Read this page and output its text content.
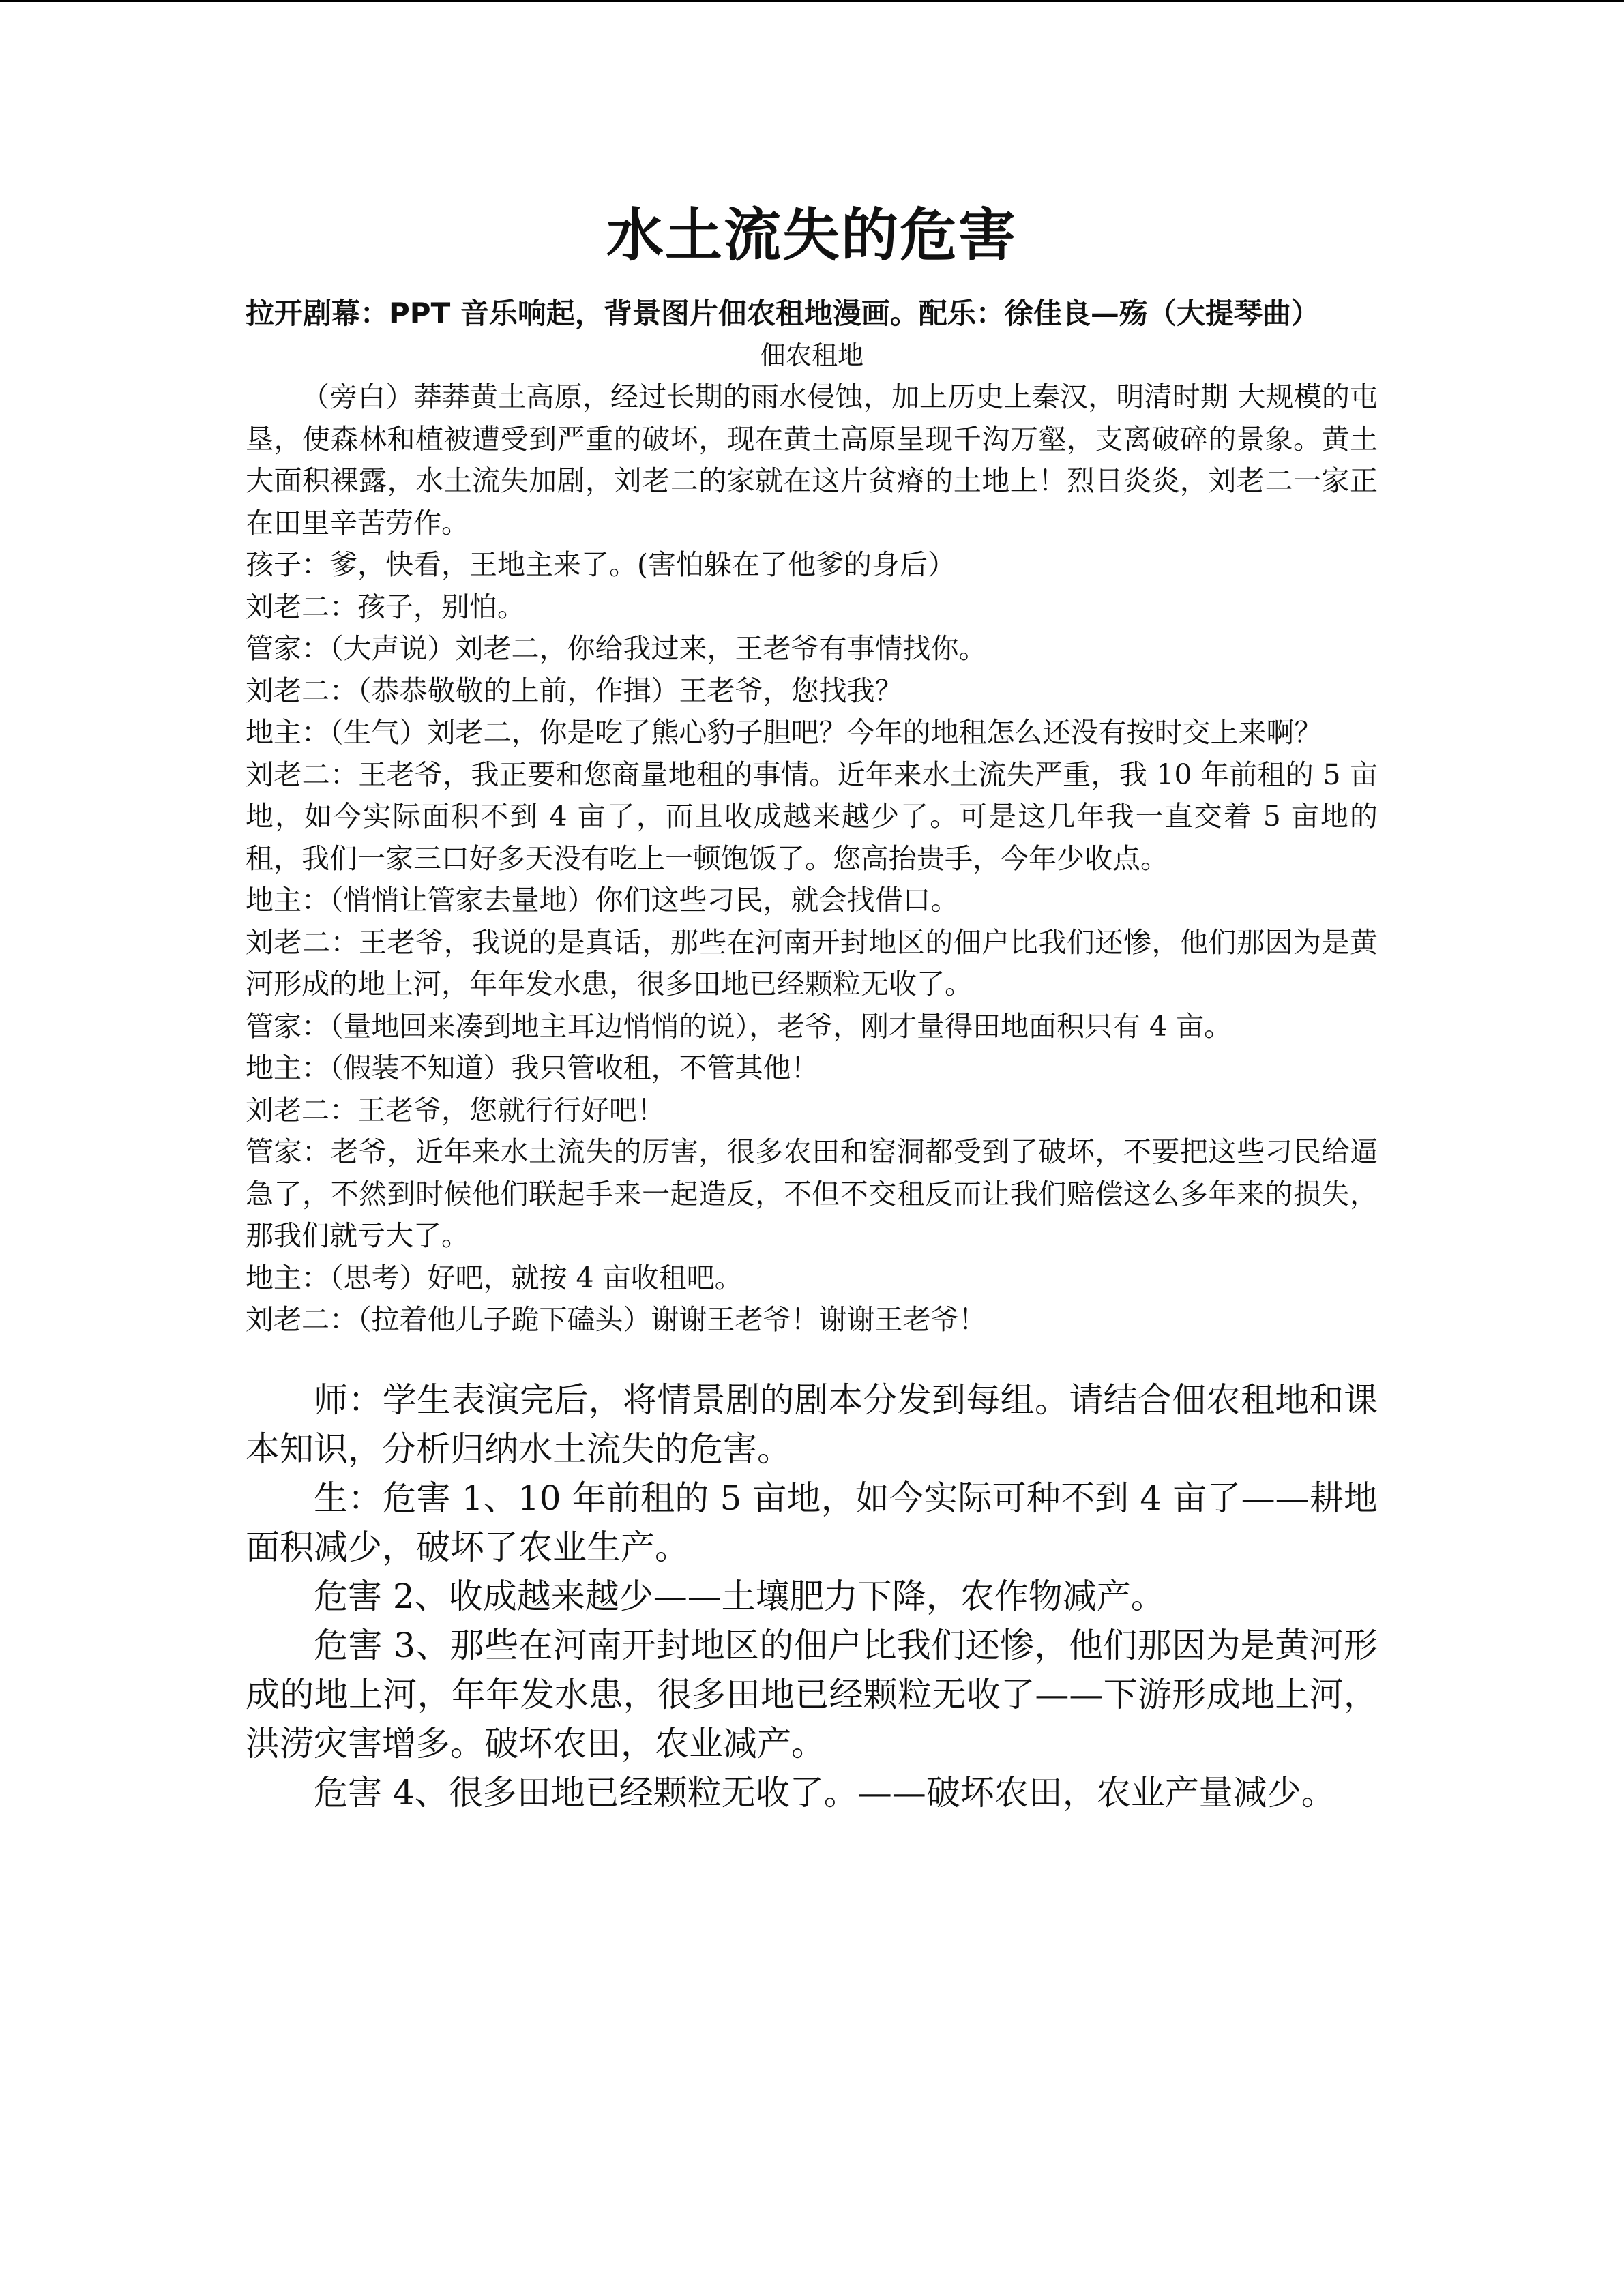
水土流失的危害

拉开剧幕：PPT 音乐响起，背景图片佃农租地漫画。配乐：徐佳良—殇（大提琴曲）

佃农租地

（旁白）莽莽黄土高原，经过长期的雨水侵蚀，加上历史上秦汉，明清时期 大规模的屯垦，使森林和植被遭受到严重的破坏，现在黄土高原呈现千沟万壑，支离破碎的景象。黄土大面积裸露，水土流失加剧，刘老二的家就在这片贫瘠的土地上！烈日炎炎，刘老二一家正在田里辛苦劳作。

孩子：爹，快看，王地主来了。(害怕躲在了他爹的身后）

刘老二：孩子，别怕。

管家：（大声说）刘老二，你给我过来，王老爷有事情找你。

刘老二：（恭恭敬敬的上前，作揖）王老爷，您找我？

地主：（生气）刘老二，你是吃了熊心豹子胆吧？今年的地租怎么还没有按时交上来啊？

刘老二：王老爷，我正要和您商量地租的事情。近年来水土流失严重，我 10 年前租的 5 亩地，如今实际面积不到 4 亩了，而且收成越来越少了。可是这几年我一直交着 5 亩地的租，我们一家三口好多天没有吃上一顿饱饭了。您高抬贵手，今年少收点。

地主：（悄悄让管家去量地）你们这些刁民，就会找借口。

刘老二：王老爷，我说的是真话，那些在河南开封地区的佃户比我们还惨，他们那因为是黄河形成的地上河，年年发水患，很多田地已经颗粒无收了。

管家：（量地回来凑到地主耳边悄悄的说），老爷，刚才量得田地面积只有 4 亩。

地主：（假装不知道）我只管收租，不管其他！

刘老二：王老爷，您就行行好吧！

管家：老爷，近年来水土流失的厉害，很多农田和窑洞都受到了破坏，不要把这些刁民给逼急了，不然到时候他们联起手来一起造反，不但不交租反而让我们赔偿这么多年来的损失，那我们就亏大了。

地主：（思考）好吧，就按 4 亩收租吧。

刘老二：（拉着他儿子跪下磕头）谢谢王老爷！谢谢王老爷！

师：学生表演完后，将情景剧的剧本分发到每组。请结合佃农租地和课本知识，分析归纳水土流失的危害。

生：危害 1、10 年前租的 5 亩地，如今实际可种不到 4 亩了——耕地面积减少，破坏了农业生产。

危害 2、收成越来越少——土壤肥力下降，农作物减产。

危害 3、那些在河南开封地区的佃户比我们还惨，他们那因为是黄河形成的地上河，年年发水患，很多田地已经颗粒无收了——下游形成地上河，洪涝灾害增多。破坏农田，农业减产。

危害 4、很多田地已经颗粒无收了。——破坏农田，农业产量减少。
